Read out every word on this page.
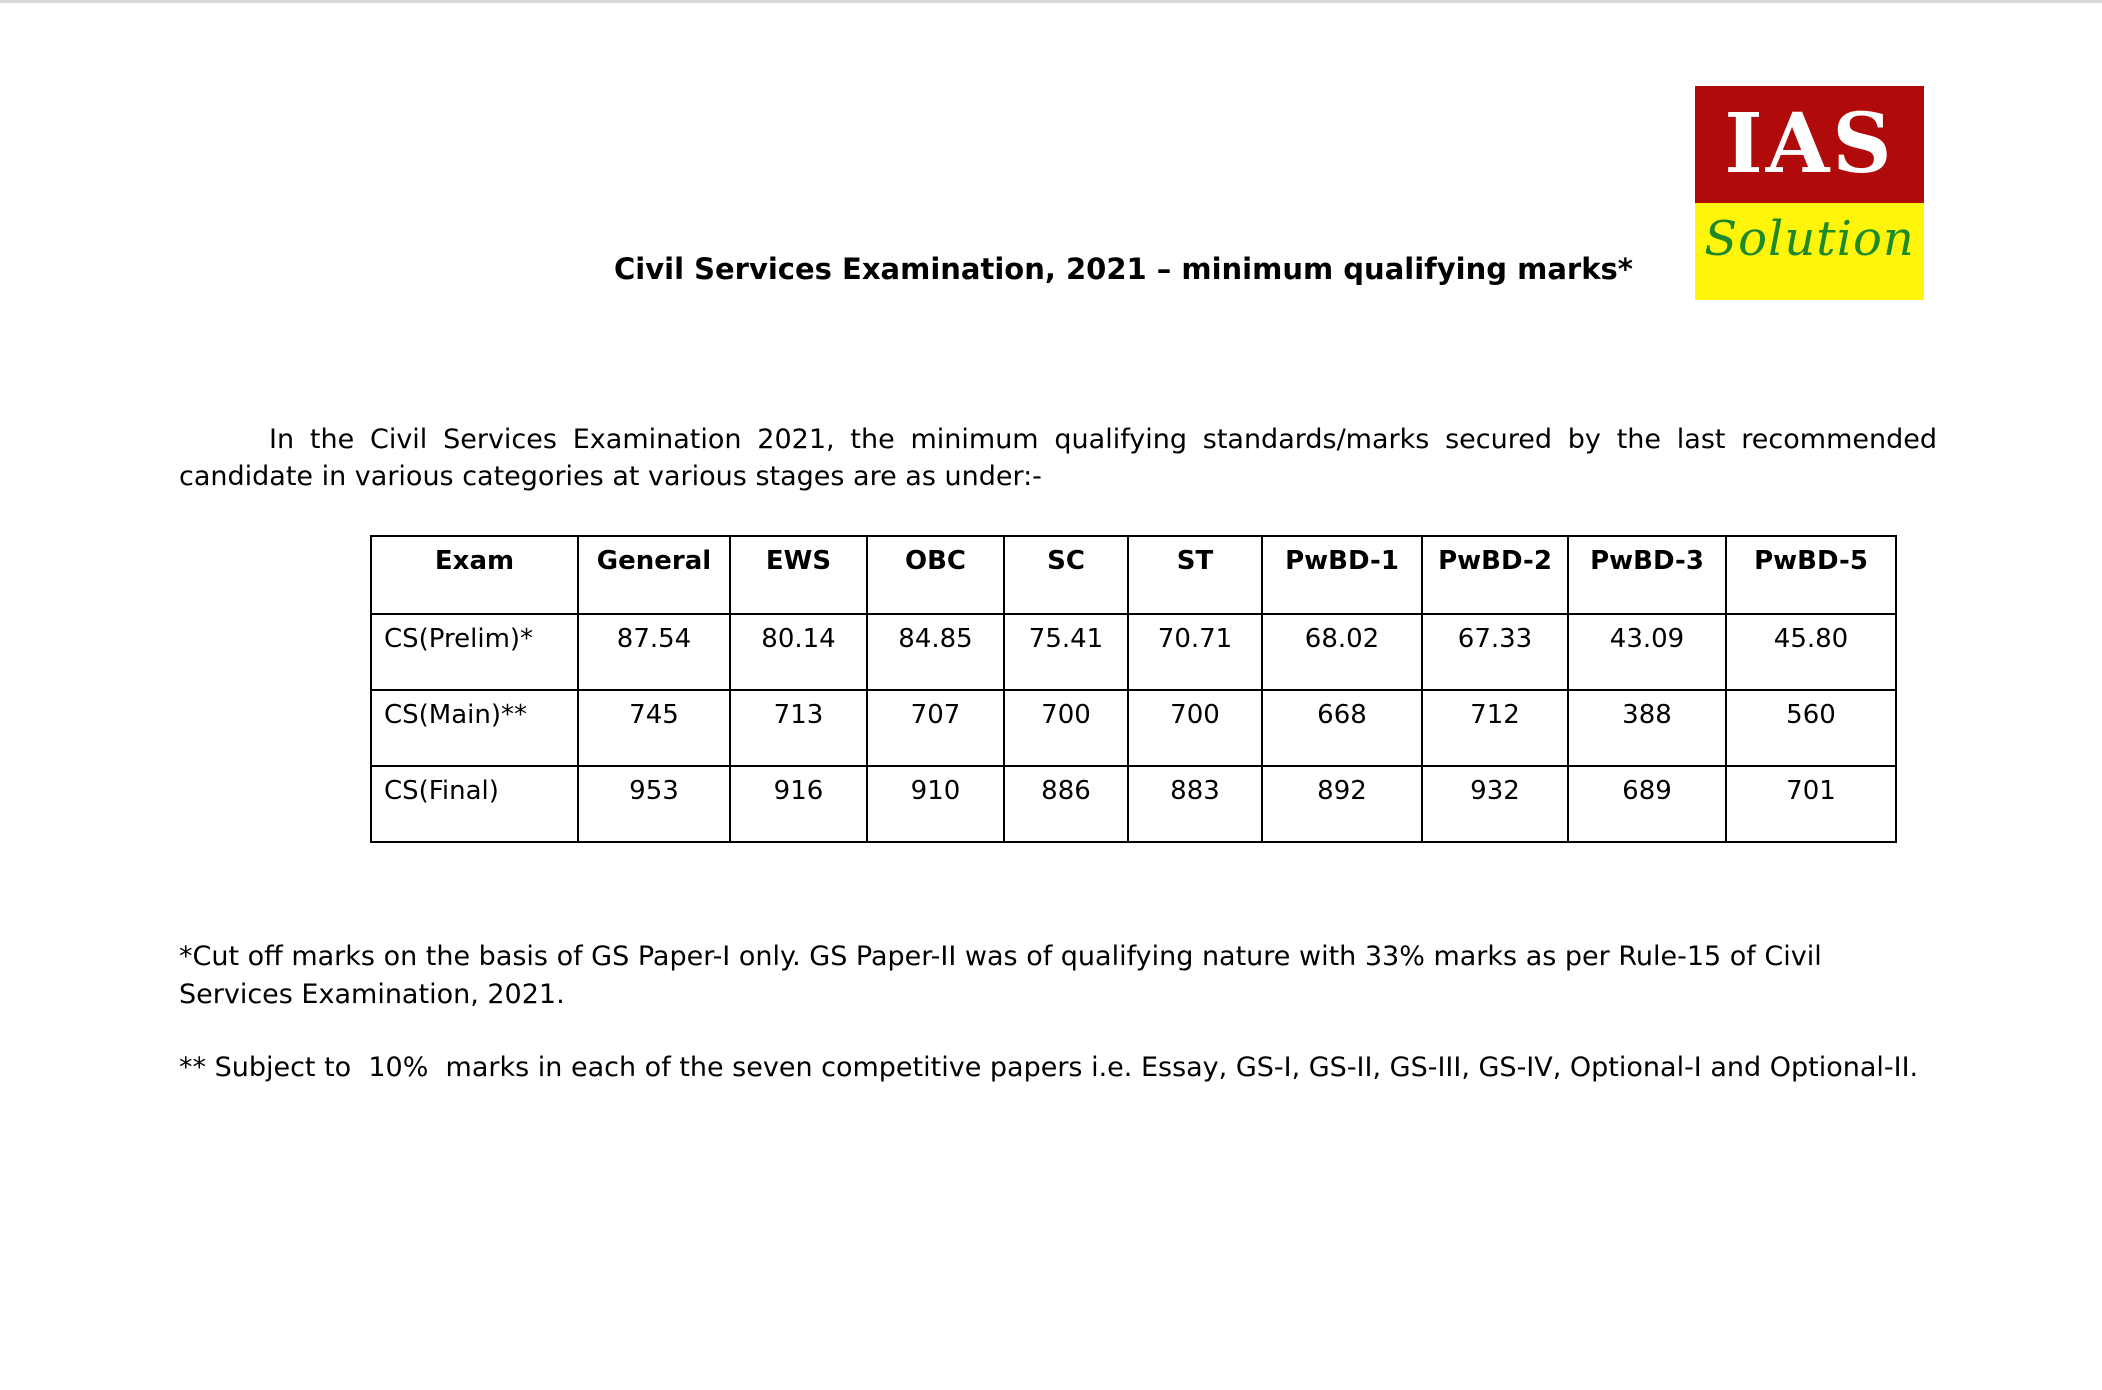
IAS
Solution
Civil Services Examination, 2021 – minimum qualifying marks*

In the Civil Services Examination 2021, the minimum qualifying standards/marks secured by the last recommended candidate in various categories at various stages are as under:-

Exam	General	EWS	OBC	SC	ST	PwBD-1	PwBD-2	PwBD-3	PwBD-5
CS(Prelim)*	87.54	80.14	84.85	75.41	70.71	68.02	67.33	43.09	45.80
CS(Main)**	745	713	707	700	700	668	712	388	560
CS(Final)	953	916	910	886	883	892	932	689	701

*Cut off marks on the basis of GS Paper-I only. GS Paper-II was of qualifying nature with 33% marks as per Rule-15 of Civil Services Examination, 2021.

** Subject to  10%  marks in each of the seven competitive papers i.e. Essay, GS-I, GS-II, GS-III, GS-IV, Optional-I and Optional-II.
